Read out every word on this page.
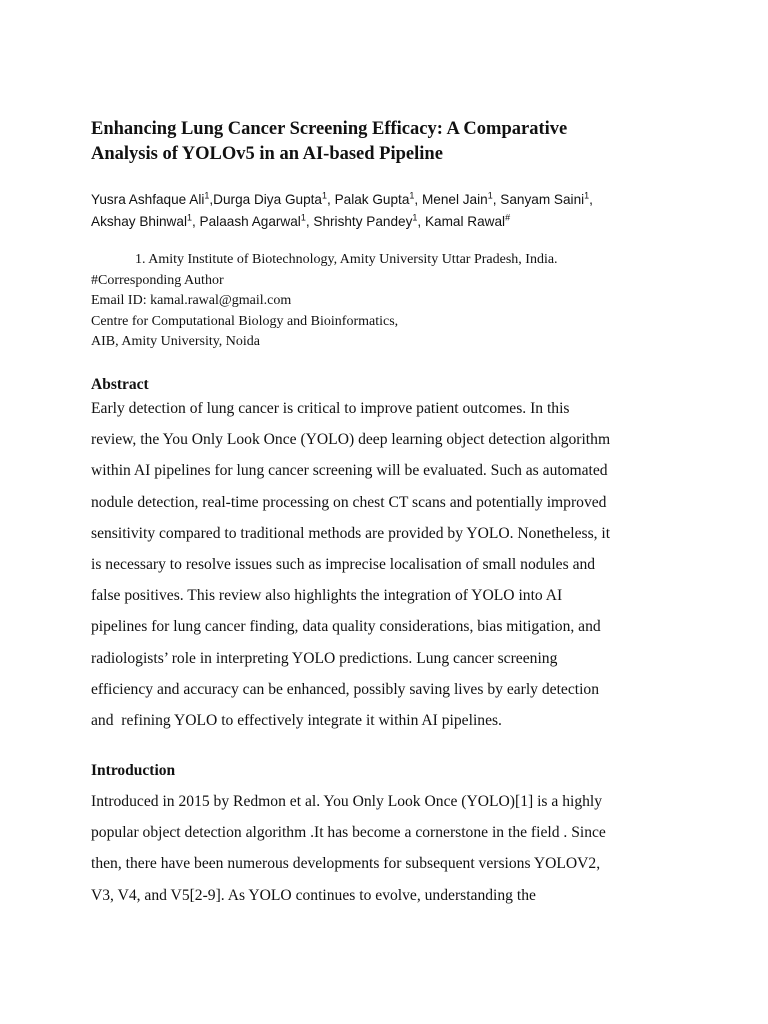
Enhancing Lung Cancer Screening Efficacy: A Comparative
Analysis of YOLOv5 in an AI-based Pipeline
Yusra Ashfaque Ali$^1$,Durga Diya Gupta$^1$, Palak Gupta$^1$, Menel Jain$^1$, Sanyam Saini$^1$,
Akshay Bhinwal$^1$, Palaash Agarwal$^1$, Shrishty Pandey$^1$, Kamal Rawal#
1. Amity Institute of Biotechnology, Amity University Uttar Pradesh, India.
#Corresponding Author
Email ID: kamal.rawal@gmail.com
Centre for Computational Biology and Bioinformatics,
AIB, Amity University, Noida
Abstract

Early detection of lung cancer is critical to improve patient outcomes. In this
review, the You Only Look Once (YOLO) deep learning object detection algorithm
within AI pipelines for lung cancer screening will be evaluated. Such as automated
nodule detection, real-time processing on chest CT scans and potentially improved
sensitivity compared to traditional methods are provided by YOLO. Nonetheless, it
is necessary to resolve issues such as imprecise localisation of small nodules and
false positives. This review also highlights the integration of YOLO into AI
pipelines for lung cancer finding, data quality considerations, bias mitigation, and
radiologists’ role in interpreting YOLO predictions. Lung cancer screening
efficiency and accuracy can be enhanced, possibly saving lives by early detection
and  refining YOLO to effectively integrate it within AI pipelines.

Introduction

Introduced in 2015 by Redmon et al. You Only Look Once (YOLO)[1] is a highly
popular object detection algorithm .It has become a cornerstone in the field . Since
then, there have been numerous developments for subsequent versions YOLOV2,
V3, V4, and V5[2-9]. As YOLO continues to evolve, understanding the
